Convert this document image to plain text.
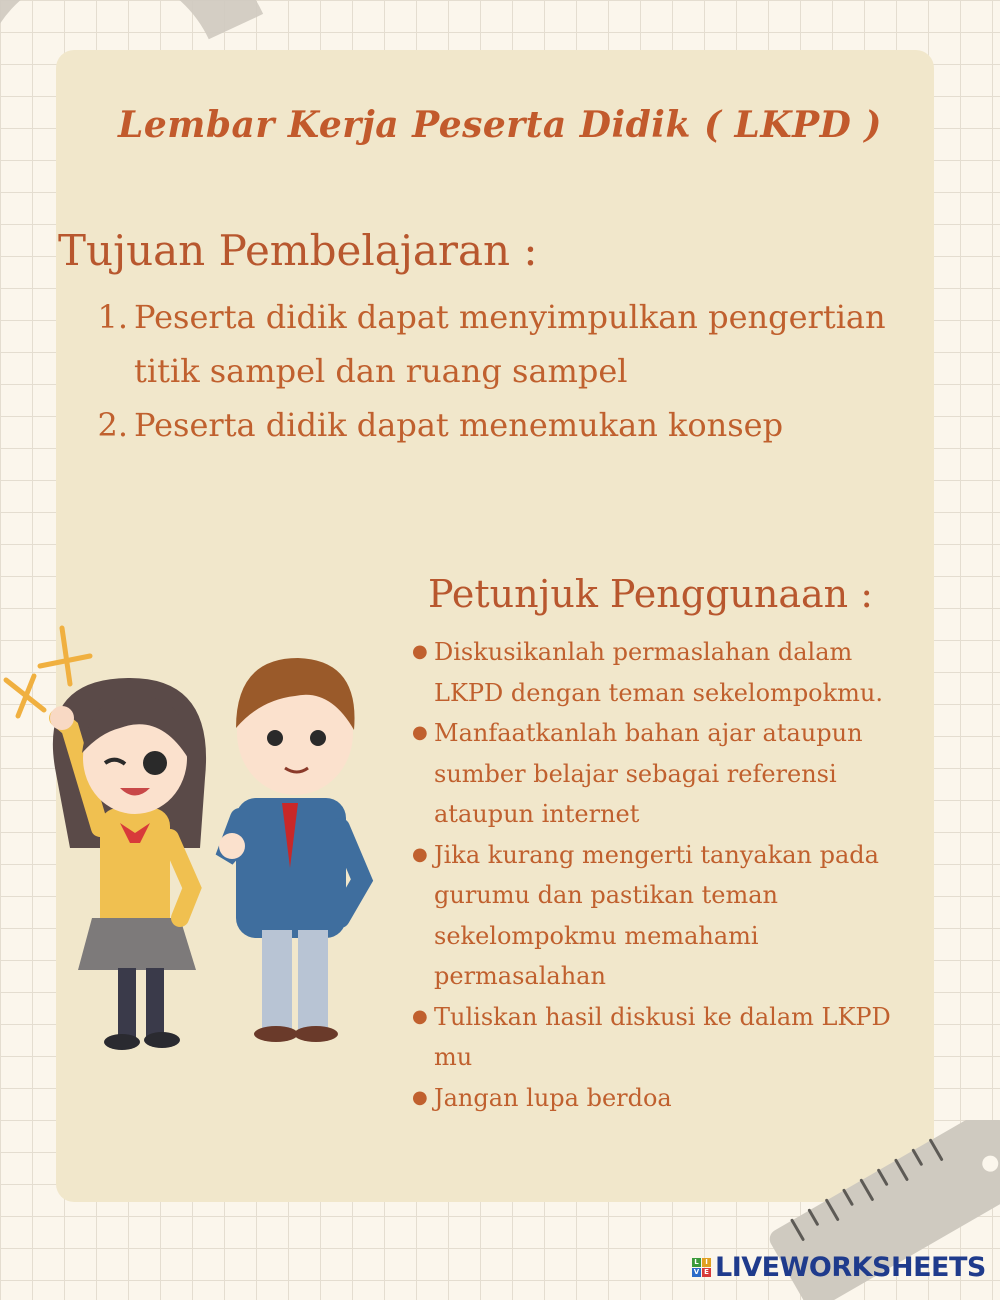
Lembar Kerja Peserta Didik ( LKPD )
Tujuan Pembelajaran :
1. Peserta didik dapat menyimpulkan pengertian titik sampel dan ruang sampel
2. Peserta didik dapat menemukan konsep
Petunjuk Penggunaan :
● Diskusikanlah permaslahan dalam LKPD dengan teman sekelompokmu.
● Manfaatkanlah bahan ajar ataupun sumber belajar sebagai referensi ataupun internet
● Jika kurang mengerti tanyakan pada gurumu dan pastikan teman sekelompokmu memahami permasalahan
● Tuliskan hasil diskusi ke dalam LKPD mu
● Jangan lupa berdoa
L I
V E LIVEWORKSHEETS
